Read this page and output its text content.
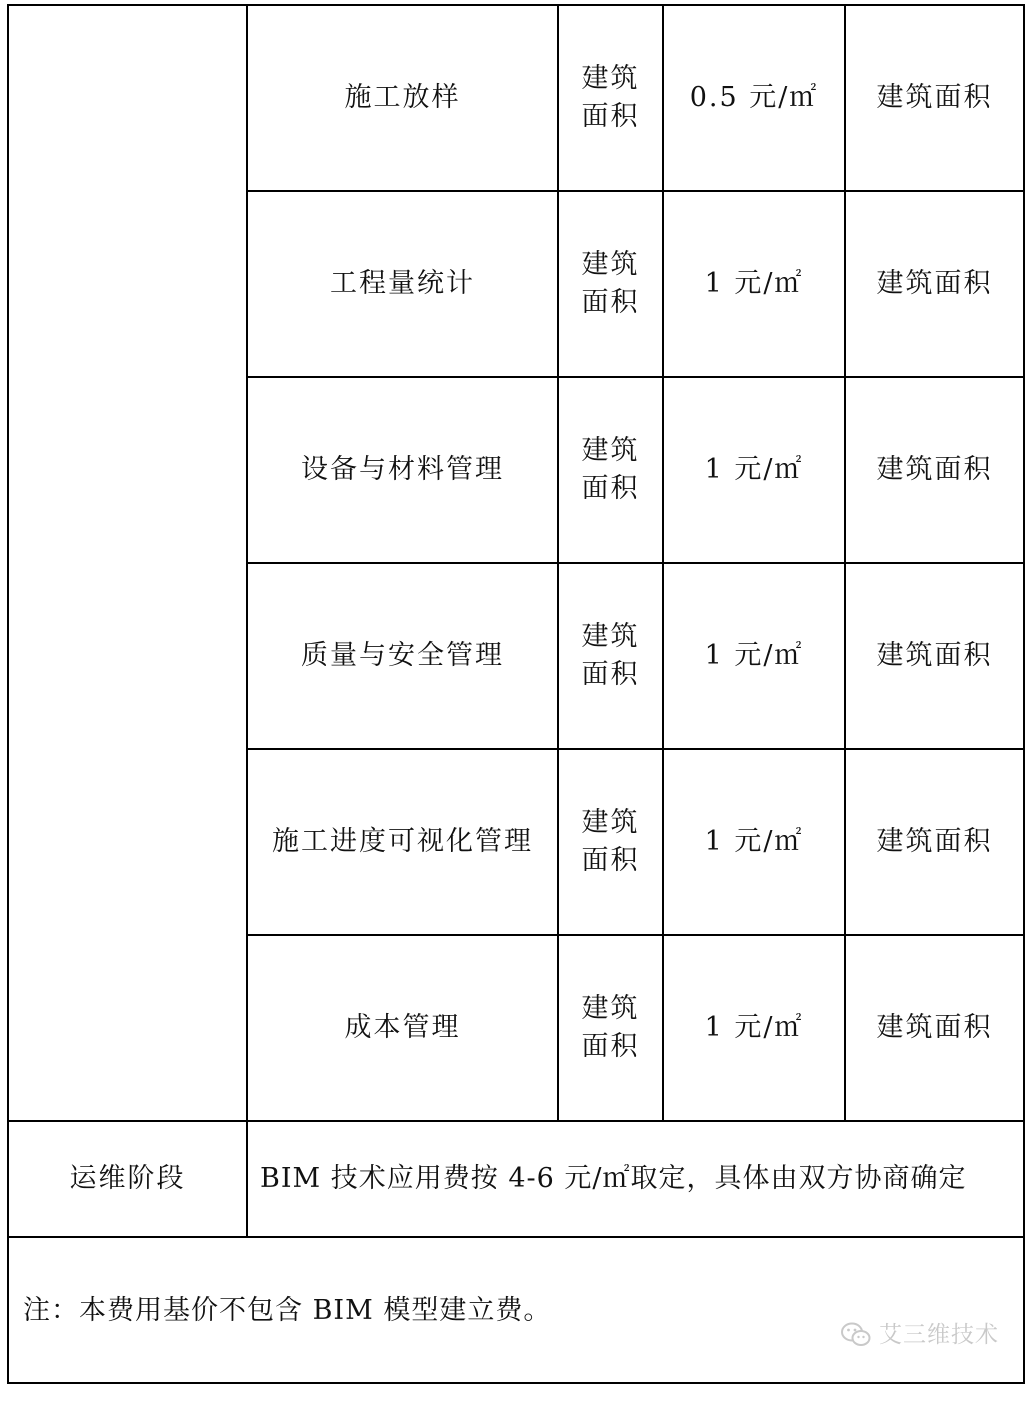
	施工放样	建筑面积	0.5 元/㎡	建筑面积
	工程量统计	建筑面积	1 元/㎡	建筑面积
	设备与材料管理	建筑面积	1 元/㎡	建筑面积
	质量与安全管理	建筑面积	1 元/㎡	建筑面积
	施工进度可视化管理	建筑面积	1 元/㎡	建筑面积
	成本管理	建筑面积	1 元/㎡	建筑面积
运维阶段	BIM 技术应用费按 4-6 元/㎡取定，具体由双方协商确定			

注：本费用基价不包含 BIM 模型建立费。
艾三维技术				
